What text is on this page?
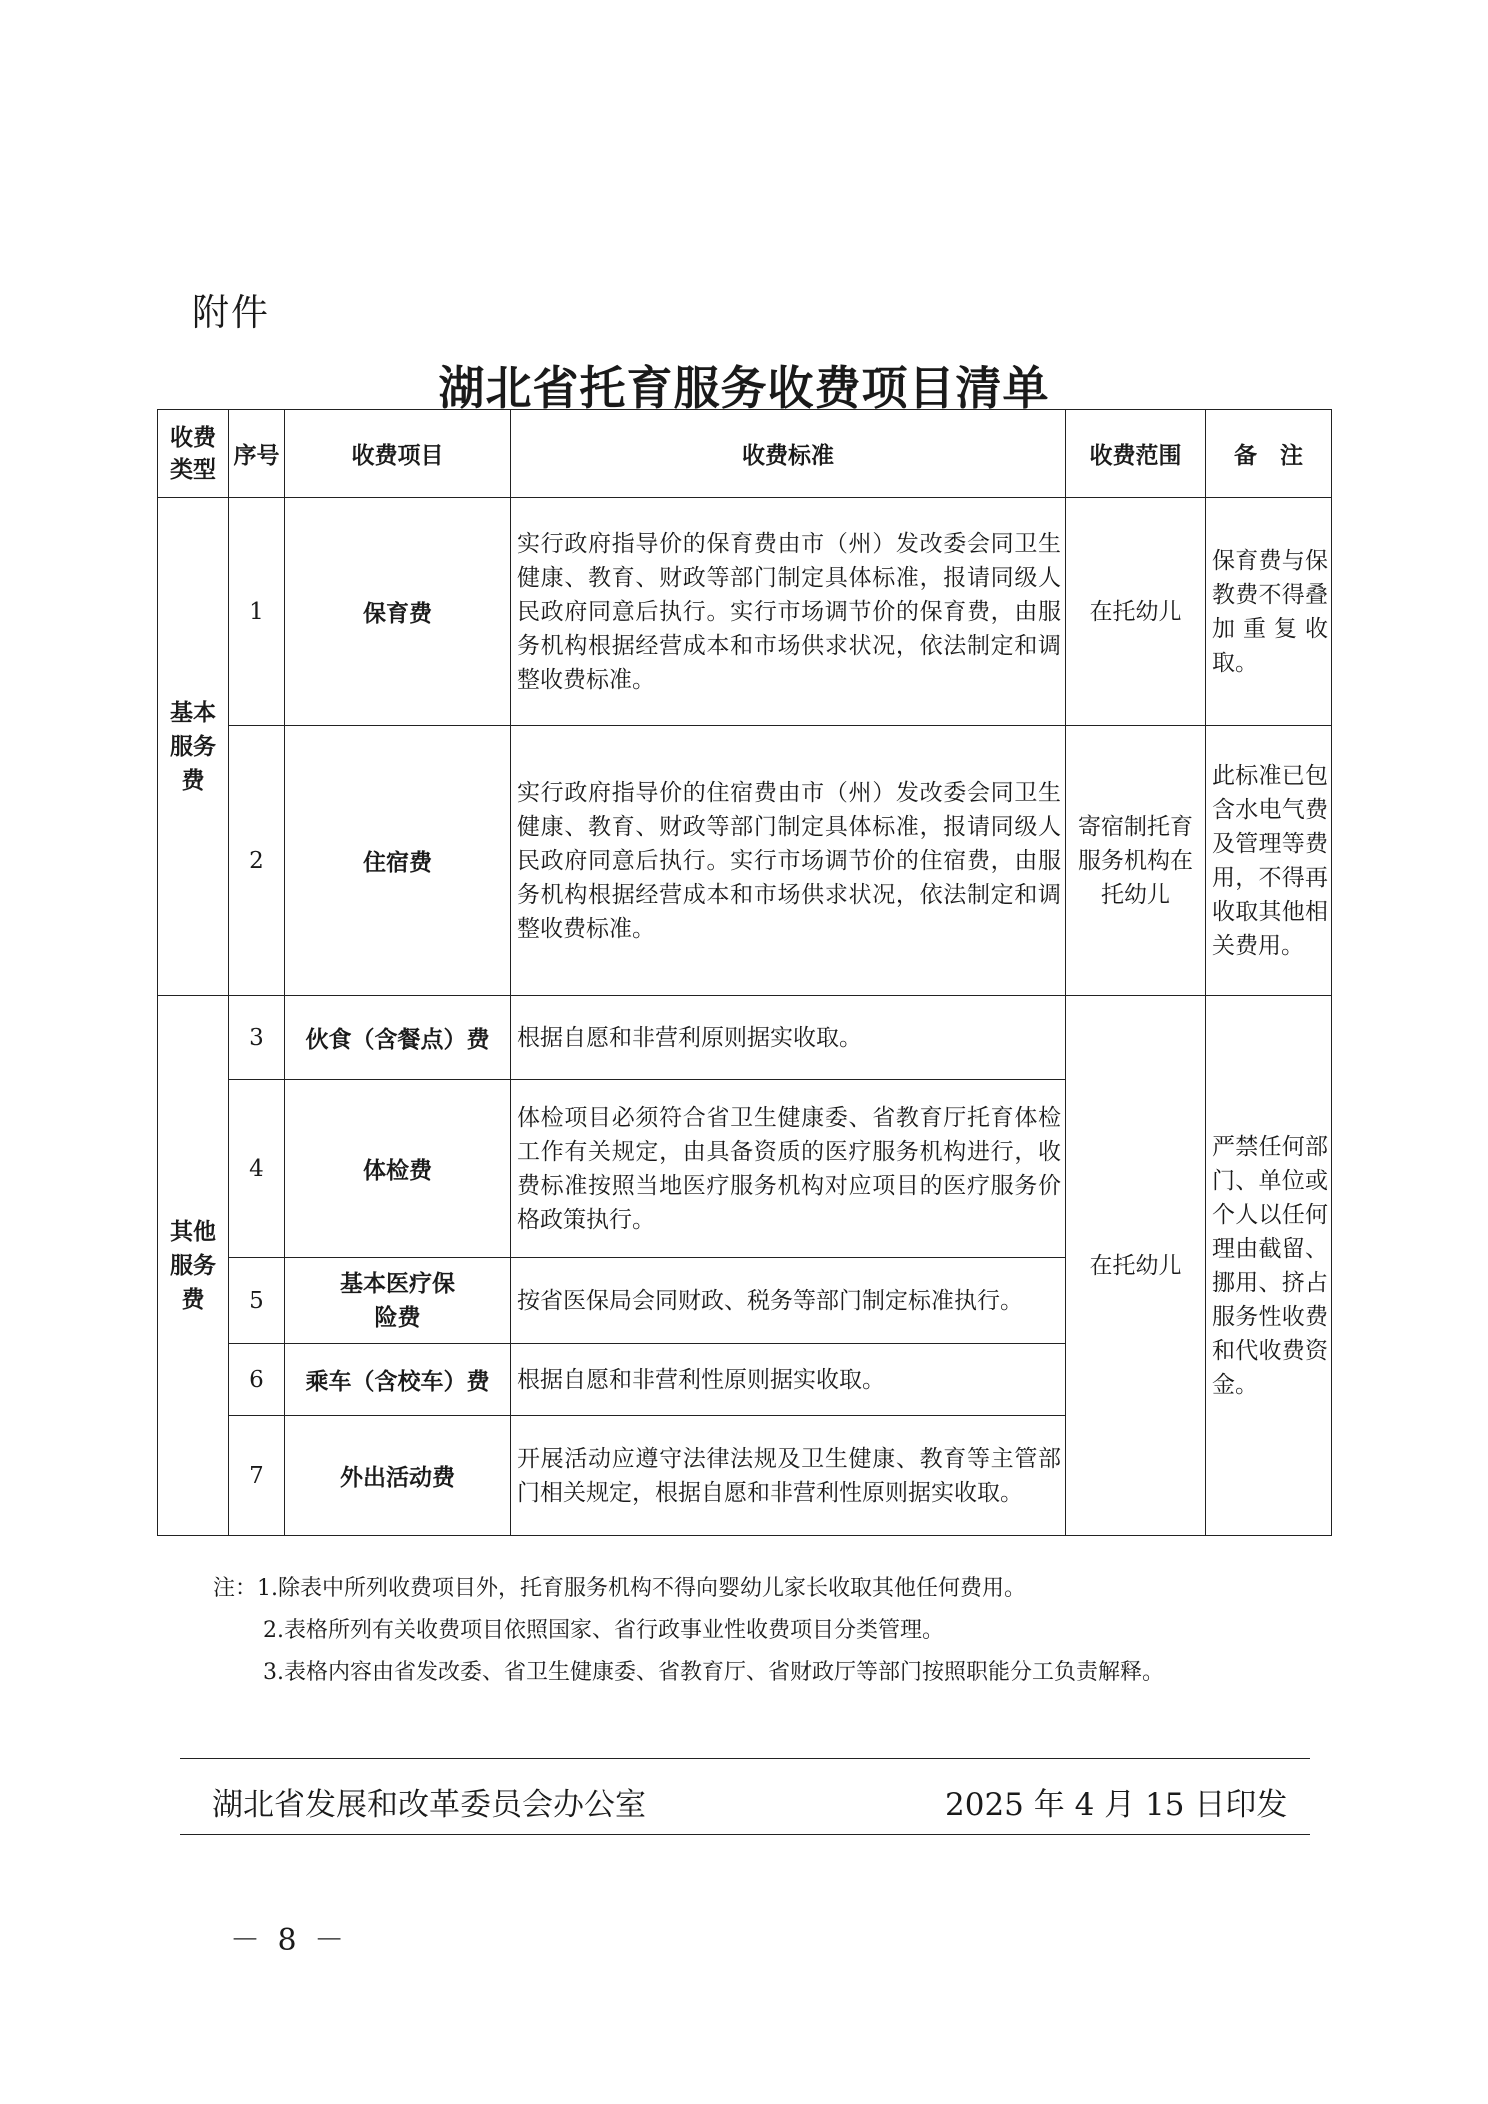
附件
湖北省托育服务收费项目清单
收费类型	序号	收费项目	收费标准	收费范围	备　注
基本服务费	1	保育费	实行政府指导价的保育费由市（州）发改委会同卫生健康、教育、财政等部门制定具体标准，报请同级人民政府同意后执行。实行市场调节价的保育费，由服务机构根据经营成本和市场供求状况，依法制定和调整收费标准。	在托幼儿	保育费与保教费不得叠加重复收取。
	2	住宿费	实行政府指导价的住宿费由市（州）发改委会同卫生健康、教育、财政等部门制定具体标准，报请同级人民政府同意后执行。实行市场调节价的住宿费，由服务机构根据经营成本和市场供求状况，依法制定和调整收费标准。	寄宿制托育服务机构在托幼儿	此标准已包含水电气费及管理等费用，不得再收取其他相关费用。
其他服务费	3	伙食（含餐点）费	根据自愿和非营利原则据实收取。	在托幼儿	严禁任何部门、单位或个人以任何理由截留、挪用、挤占服务性收费和代收费资金。
	4	体检费	体检项目必须符合省卫生健康委、省教育厅托育体检工作有关规定，由具备资质的医疗服务机构进行，收费标准按照当地医疗服务机构对应项目的医疗服务价格政策执行。		
	5	基本医疗保险费	按省医保局会同财政、税务等部门制定标准执行。		
	6	乘车（含校车）费	根据自愿和非营利性原则据实收取。		
	7	外出活动费	开展活动应遵守法律法规及卫生健康、教育等主管部门相关规定，根据自愿和非营利性原则据实收取。		
注：1.除表中所列收费项目外，托育服务机构不得向婴幼儿家长收取其他任何费用。
2.表格所列有关收费项目依照国家、省行政事业性收费项目分类管理。
3.表格内容由省发改委、省卫生健康委、省教育厅、省财政厅等部门按照职能分工负责解释。
湖北省发展和改革委员会办公室	2025 年 4 月 15 日印发
－ 8 －
